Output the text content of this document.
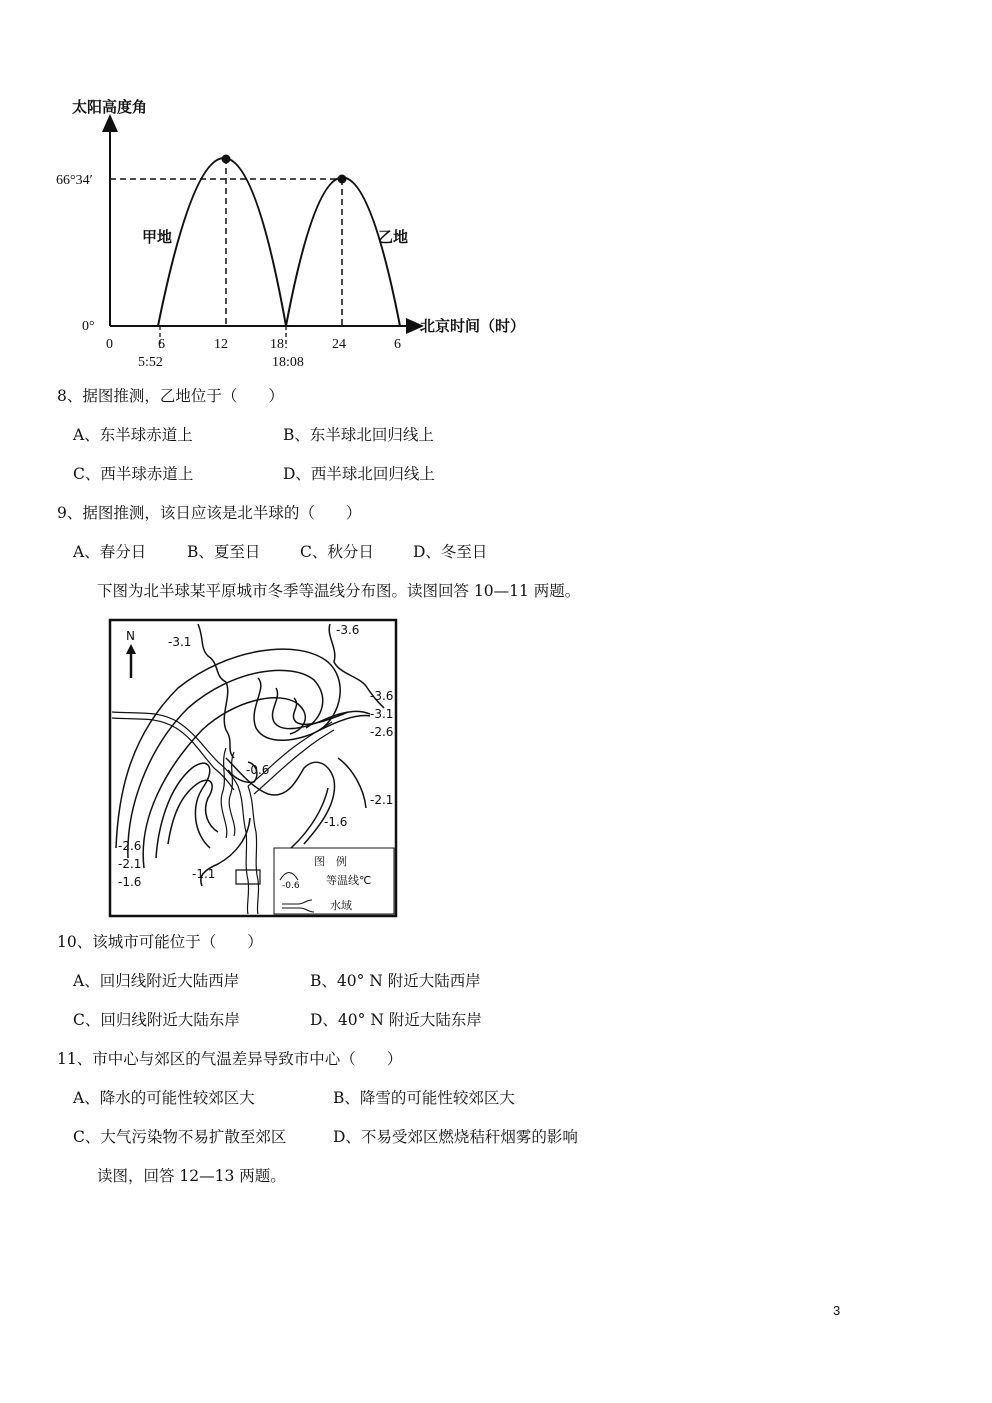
太阳高度角
北京时间（时）
66°34′
0°
甲地	乙地
0	6	12	18	24	6
5:52	18:08
8、据图推测，乙地位于（　　）
A、东半球赤道上	B、东半球北回归线上
C、西半球赤道上	D、西半球北回归线上
9、据图推测，该日应该是北半球的（　　）
A、春分日	B、夏至日	C、秋分日	D、冬至日
下图为北半球某平原城市冬季等温线分布图。读图回答 10—11 两题。
N	-3.1
-3.6
-3.6
-3.1
-2.6
-2.1
-1.6
-0.6
-1.1
-2.6
-2.1
-1.6
图　例
-0.6 等温线℃
水域
10、该城市可能位于（　　）
A、回归线附近大陆西岸	B、40° N 附近大陆西岸
C、回归线附近大陆东岸	D、40° N 附近大陆东岸
11、市中心与郊区的气温差异导致市中心（　　）
A、降水的可能性较郊区大	B、降雪的可能性较郊区大
C、大气污染物不易扩散至郊区	D、不易受郊区燃烧秸秆烟雾的影响
读图，回答 12—13 两题。
3
